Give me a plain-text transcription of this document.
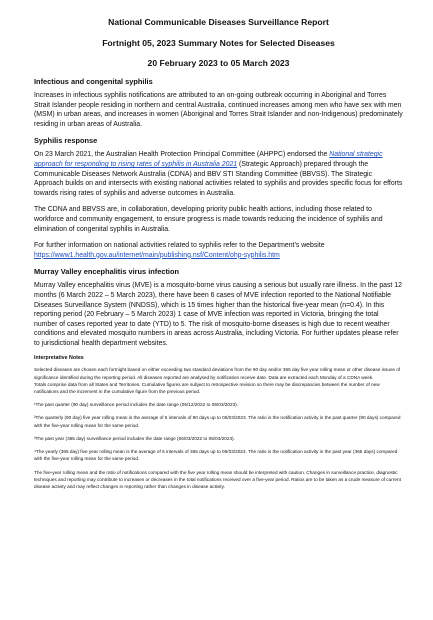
National Communicable Diseases Surveillance Report
Fortnight 05, 2023 Summary Notes for Selected Diseases
20 February 2023 to 05 March 2023
Infectious and congenital syphilis

Increases in infectious syphilis notifications are attributed to an on-going outbreak occurring in Aboriginal and Torres Strait Islander people residing in northern and central Australia, continued increases among men who have sex with men (MSM) in urban areas, and increases in women (Aboriginal and Torres Strait Islander and non-Indigenous) predominately residing in urban areas of Australia.

Syphilis response

On 23 March 2021, the Australian Health Protection Principal Committee (AHPPC) endorsed the National strategic approach for responding to rising rates of syphilis in Australia 2021 (Strategic Approach) prepared through the Communicable Diseases Network Australia (CDNA) and BBV STI Standing Committee (BBVSS). The Strategic Approach builds on and intersects with existing national activities related to syphilis and provides specific focus for efforts towards rising rates of syphilis and adverse outcomes in Australia.

The CDNA and BBVSS are, in collaboration, developing priority public health actions, including those related to workforce and community engagement, to ensure progress is made towards reducing the incidence of syphilis and elimination of congenital syphilis in Australia.

For further information on national activities related to syphilis refer to the Department’s website
https://www1.health.gov.au/internet/main/publishing.nsf/Content/ohp-syphilis.htm

Murray Valley encephalitis virus infection

Murray Valley encephalitis virus (MVE) is a mosquito-borne virus causing a serious but usually rare illness. In the past 12 months (6 March 2022 – 5 March 2023), there have been 6 cases of MVE infection reported to the National Notifiable Diseases Surveillance System (NNDSS), which is 15 times higher than the historical five-year mean (n=0.4). In this reporting period (20 February – 5 March 2023) 1 case of MVE infection was reported in Victoria, bringing the total number of cases reported year to date (YTD) to 5. The risk of mosquito-borne diseases is high due to recent weather conditions and elevated mosquito numbers in areas across Australia, including Victoria. For further updates please refer to jurisdictional health department websites.

Interpretative Notes

Selected diseases are chosen each fortnight based on either exceeding two standard deviations from the 90 day and/or 365 day five year rolling mean or other disease issues of significance identified during the reporting period. All diseases reported are analysed by notification receive date. Data are extracted each Monday of a CDNA week.

Totals comprise data from all States and Territories. Cumulative figures are subject to retrospective revision so there may be discrepancies between the number of new notifications and the increment in the cumulative figure from the previous period.

¹The past quarter (90 day) surveillance period includes the date range (05/12/2022 to 05/03/2023).

²The quarterly (90 day) five year rolling mean is the average of 5 intervals of 90 days up to 05/03/2023. The ratio is the notification activity in the past quarter (90 days) compared with the five-year rolling mean for the same period.

³The past year (365 day) surveillance period includes the date range (06/03/2022 to 05/03/2023).

⁴The yearly (365 day) five year rolling mean is the average of 5 intervals of 365 days up to 05/03/2023. The ratio is the notification activity in the past year (365 days) compared with the five-year rolling mean for the same period.

The five-year rolling mean and the ratio of notifications compared with the five year rolling mean should be interpreted with caution. Changes in surveillance practice, diagnostic techniques and reporting may contribute to increases or decreases in the total notifications received over a five-year period. Ratios are to be taken as a crude measure of current disease activity and may reflect changes in reporting rather than changes in disease activity.
